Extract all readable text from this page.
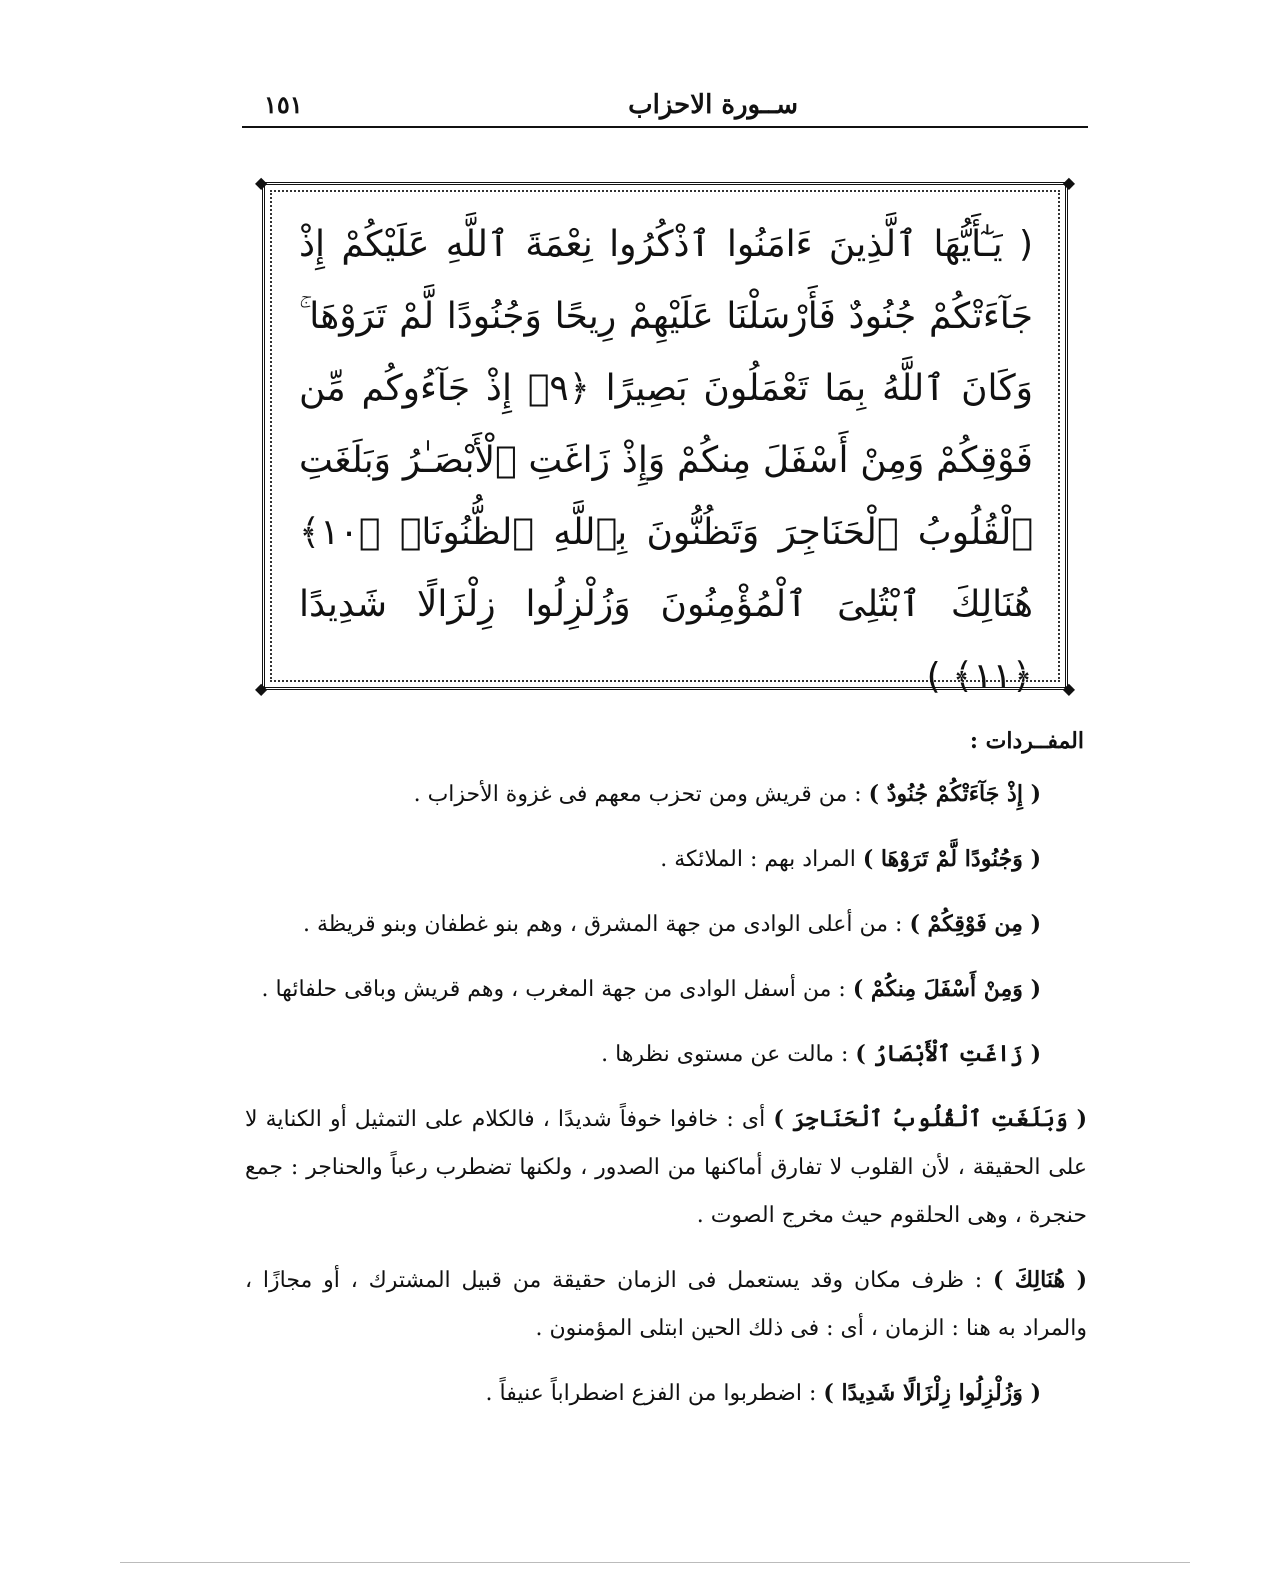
ســورة الاحزاب
١٥١
◆	◆
◆	◆
( يَـٰٓأَيُّهَا ٱلَّذِينَ ءَامَنُوا ٱذْكُرُوا نِعْمَةَ ٱللَّهِ عَلَيْكُمْ إِذْ جَآءَتْكُمْ جُنُودٌ فَأَرْسَلْنَا عَلَيْهِمْ رِيحًا وَجُنُودًا لَّمْ تَرَوْهَا ۚ وَكَانَ ٱللَّهُ بِمَا تَعْمَلُونَ بَصِيرًا ﴿٩﴾ إِذْ جَآءُوكُم مِّن فَوْقِكُمْ وَمِنْ أَسْفَلَ مِنكُمْ وَإِذْ زَاغَتِ ٱلْأَبْصَـٰرُ وَبَلَغَتِ ٱلْقُلُوبُ ٱلْحَنَاجِرَ وَتَظُنُّونَ بِٱللَّهِ ٱلظُّنُونَا۠ ﴿١٠﴾ هُنَالِكَ ٱبْتُلِىَ ٱلْمُؤْمِنُونَ وَزُلْزِلُوا زِلْزَالًا شَدِيدًا ﴿١١﴾ )
المفــردات :

( إِذْ جَآءَتْكُمْ جُنُودٌ ) : من قريش ومن تحزب معهم فى غزوة الأحزاب .

( وَجُنُودًا لَّمْ تَرَوْهَا ) المراد بهم : الملائكة .

( مِن فَوْقِكُمْ ) : من أعلى الوادى من جهة المشرق ، وهم بنو غطفان وبنو قريظة .

( وَمِنْ أَسْفَلَ مِنكُمْ ) : من أسفل الوادى من جهة المغرب ، وهم قريش وباقى حلفائها .

( زَاغَتِ ٱلْأَبْصَارُ ) : مالت عن مستوى نظرها .

( وَبَلَغَتِ ٱلْقُلُوبُ ٱلْحَنَاجِرَ ) أى : خافوا خوفاً شديدًا ، فالكلام على التمثيل أو الكناية لا على الحقيقة ، لأن القلوب لا تفارق أماكنها من الصدور ، ولكنها تضطرب رعباً والحناجر : جمع حنجرة ، وهى الحلقوم حيث مخرج الصوت .

( هُنَالِكَ ) : ظرف مكان وقد يستعمل فى الزمان حقيقة من قبيل المشترك ، أو مجازًا ، والمراد به هنا : الزمان ، أى : فى ذلك الحين ابتلى المؤمنون .

( وَزُلْزِلُوا زِلْزَالًا شَدِيدًا ) : اضطربوا من الفزع اضطراباً عنيفاً .
